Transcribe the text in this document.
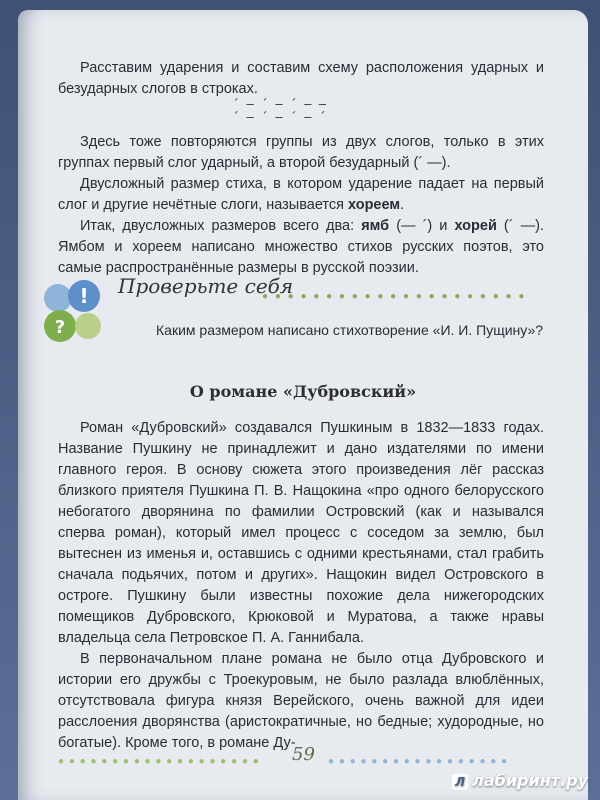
Расставим ударения и составим схему расположения ударных и безударных слогов в строках.

´ — ´ — ´ — —
´ — ´ — ´ — ´

Здесь тоже повторяются группы из двух слогов, только в этих группах первый слог ударный, а второй безударный (´ —).

Двусложный размер стиха, в котором ударение падает на первый слог и другие нечётные слоги, называется хореем.

Итак, двусложных размеров всего два: ямб (— ´) и хорей (´ —). Ямбом и хореем написано множество стихов русских поэтов, это самые распространённые размеры в русской поэзии.

!
?
Проверьте себя
● ● ● ● ● ● ● ● ● ● ● ● ● ● ● ● ● ● ● ● ●
Каким размером написано стихотворение «И. И. Пущину»?
О романе «Дубровский»

Роман «Дубровский» создавался Пушкиным в 1832—1833 годах. Название Пушкину не принадлежит и дано издателями по имени главного героя. В основу сюжета этого произведения лёг рассказ близкого приятеля Пушкина П. В. Нащокина «про одного белорусского небогатого дворянина по фамилии Островский (как и назывался сперва роман), который имел процесс с соседом за землю, был вытеснен из именья и, оставшись с одними крестьянами, стал грабить сначала подьячих, потом и других». Нащокин видел Островского в остроге. Пушкину были известны похожие дела нижегородских помещиков Дубровского, Крюковой и Муратова, а также нравы владельца села Петровское П. А. Ганнибала.

В первоначальном плане романа не было отца Дубровского и истории его дружбы с Троекуровым, не было разлада влюблённых, отсутствовала фигура князя Верейского, очень важной для идеи расслоения дворянства (аристократичные, но бедные; худородные, но богатые). Кроме того, в романе Ду-

● ● ● ● ● ● ● ● ● ● ● ● ● ● ● ● ● ● ● 59 ● ● ● ● ● ● ● ● ● ● ● ● ● ● ● ● ●
Л лабиринт.ру
